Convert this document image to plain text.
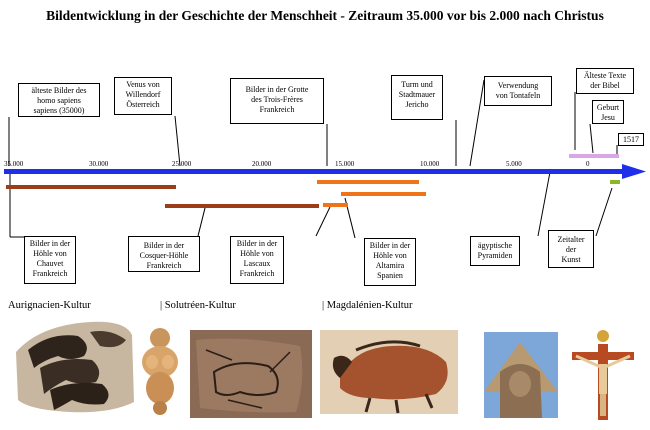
Bildentwicklung in der Geschichte der Menschheit - Zeitraum 35.000 vor bis 2.000 nach Christus
35.000	30.000	25.000	20.000	15.000	10.000	5.000	0
älteste Bilder des
homo sapiens
sapiens (35000)
Venus von
Willendorf
Österreich
Bilder in der Grotte
des Trois-Frères
Frankreich
Turm und
Stadtmauer
Jericho
Verwendung
von Tontafeln
Älteste Texte
der Bibel
Geburt
Jesu
1517
Bilder in der
Höhle von
Chauvet
Frankreich
Bilder in der
Cosquer-Höhle
Frankreich
Bilder in der
Höhle von
Lascaux
Frankreich
Bilder in der
Höhle von
Altamira
Spanien
ägyptische
Pyramiden
Zeitalter
der
Kunst
Aurignacien-Kultur	| Solutréen-Kultur	| Magdalénien-Kultur
